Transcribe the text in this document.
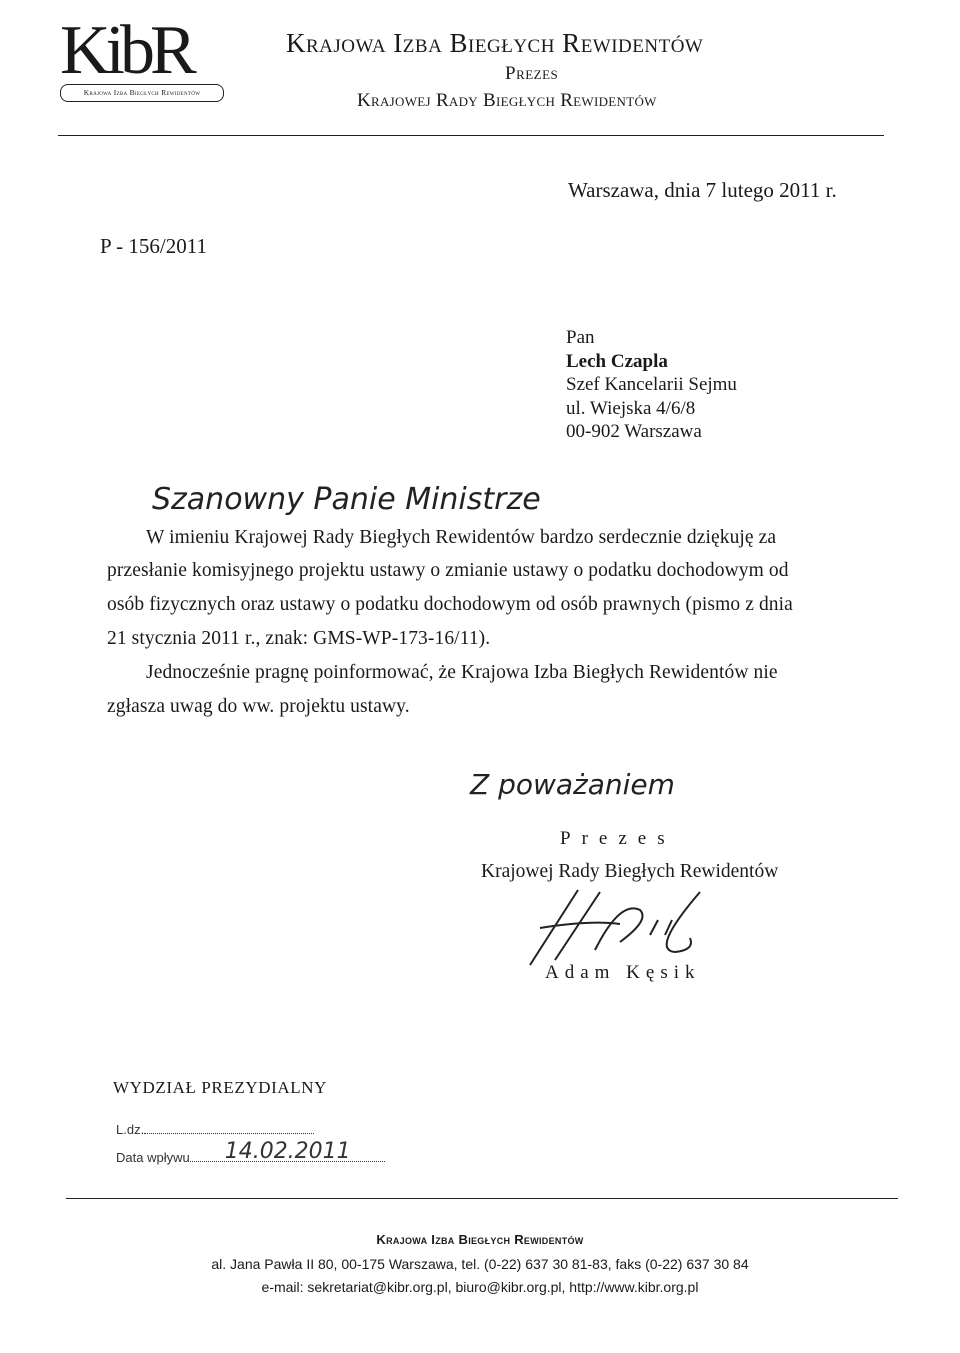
KibR
Krajowa Izba Biegłych Rewidentów
Krajowa Izba Biegłych Rewidentów
Prezes
Krajowej Rady Biegłych Rewidentów
Warszawa, dnia 7 lutego 2011 r.
P - 156/2011
Pan
Lech Czapla
Szef Kancelarii Sejmu
ul. Wiejska 4/6/8
00-902 Warszawa
Szanowny Panie Ministrze
W imieniu Krajowej Rady Biegłych Rewidentów bardzo serdecznie dziękuję za
przesłanie komisyjnego projektu ustawy o zmianie ustawy o podatku dochodowym od
osób fizycznych oraz ustawy o podatku dochodowym od osób prawnych (pismo z dnia
21 stycznia 2011 r., znak: GMS-WP-173-16/11).
Jednocześnie pragnę poinformować, że Krajowa Izba Biegłych Rewidentów nie
zgłasza uwag do ww. projektu ustawy.
Z poważaniem
Prezes
Krajowej Rady Biegłych Rewidentów
Adam Kęsik
WYDZIAŁ PREZYDIALNY
L.dz.
Data wpływu 14.02.2011
Krajowa Izba Biegłych Rewidentów
al. Jana Pawła II 80, 00-175 Warszawa, tel. (0-22) 637 30 81-83, faks (0-22) 637 30 84
e-mail: sekretariat@kibr.org.pl, biuro@kibr.org.pl, http://www.kibr.org.pl
